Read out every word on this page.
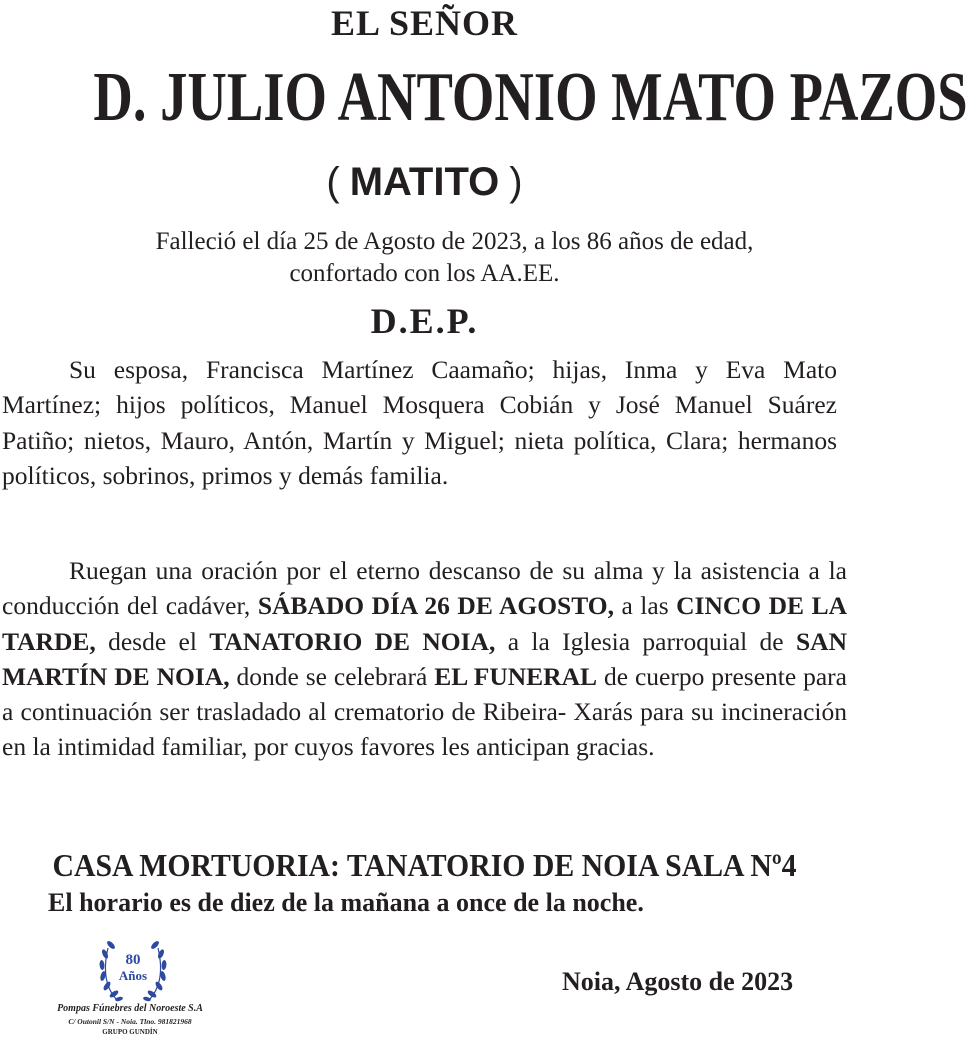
EL SEÑOR
D. JULIO ANTONIO MATO PAZOS
( MATITO )
Falleció el día 25 de Agosto de 2023, a los 86 años de edad,
confortado con los AA.EE.
D.E.P.
Su esposa, Francisca Martínez Caamaño; hijas, Inma y Eva Mato Martínez; hijos políticos, Manuel Mosquera Cobián y José Manuel Suárez Patiño; nietos, Mauro, Antón, Martín y Miguel; nieta política, Clara; hermanos políticos, sobrinos, primos y demás familia.
Ruegan una oración por el eterno descanso de su alma y la asistencia a la conducción del cadáver, SÁBADO DÍA 26 DE AGOSTO, a las CINCO DE LA TARDE, desde el TANATORIO DE NOIA, a la Iglesia parroquial de SAN MARTÍN DE NOIA, donde se celebrará EL FUNERAL de cuerpo presente para a continuación ser trasladado al crematorio de Ribeira- Xarás para su incineración en la intimidad familiar, por cuyos favores les anticipan gracias.
CASA MORTUORIA: TANATORIO DE NOIA SALA Nº4
El horario es de diez de la mañana a once de la noche.
80
Años
Pompas Fúnebres del Noroeste S.A
C/ Outonil S/N - Noia. Tlno. 981821968
GRUPO GUNDÍN
Noia, Agosto de 2023
